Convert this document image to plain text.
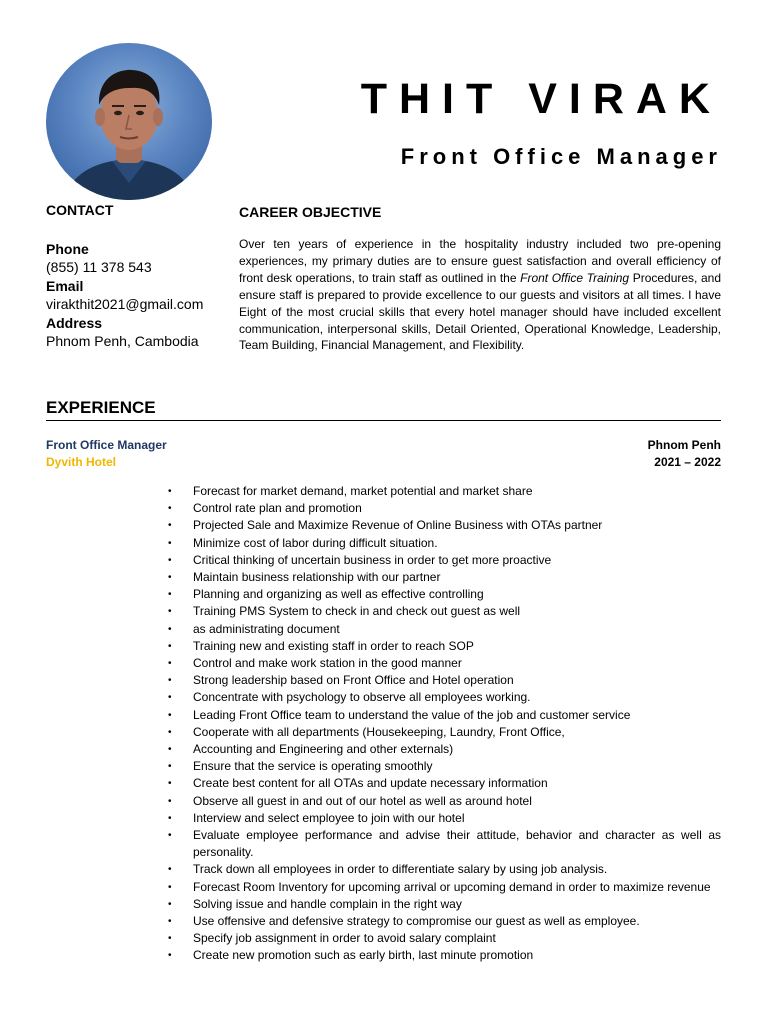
THIT VIRAK
Front Office Manager
CONTACT
Phone
(855) 11 378 543
Email
virakthit2021@gmail.com
Address
Phnom Penh, Cambodia
CAREER OBJECTIVE

Over ten years of experience in the hospitality industry included two pre-opening experiences, my primary duties are to ensure guest satisfaction and overall efficiency of front desk operations, to train staff as outlined in the Front Office Training Procedures, and ensure staff is prepared to provide excellence to our guests and visitors at all times. I have Eight of the most crucial skills that every hotel manager should have included excellent communication, interpersonal skills, Detail Oriented, Operational Knowledge, Leadership, Team Building, Financial Management, and Flexibility.

EXPERIENCE
Front Office Manager
Dyvith Hotel
Phnom Penh
2021 – 2022
• Forecast for market demand, market potential and market share
• Control rate plan and promotion
• Projected Sale and Maximize Revenue of Online Business with OTAs partner
• Minimize cost of labor during difficult situation.
• Critical thinking of uncertain business in order to get more proactive
• Maintain business relationship with our partner
• Planning and organizing as well as effective controlling
• Training PMS System to check in and check out guest as well
• as administrating document
• Training new and existing staff in order to reach SOP
• Control and make work station in the good manner
• Strong leadership based on Front Office and Hotel operation
• Concentrate with psychology to observe all employees working.
• Leading Front Office team to understand the value of the job and customer service
• Cooperate with all departments (Housekeeping, Laundry, Front Office,
• Accounting and Engineering and other externals)
• Ensure that the service is operating smoothly
• Create best content for all OTAs and update necessary information
• Observe all guest in and out of our hotel as well as around hotel
• Interview and select employee to join with our hotel
• Evaluate employee performance and advise their attitude, behavior and character as well as personality.
• Track down all employees in order to differentiate salary by using job analysis.
• Forecast Room Inventory for upcoming arrival or upcoming demand in order to maximize revenue
• Solving issue and handle complain in the right way
• Use offensive and defensive strategy to compromise our guest as well as employee.
• Specify job assignment in order to avoid salary complaint
• Create new promotion such as early birth, last minute promotion
